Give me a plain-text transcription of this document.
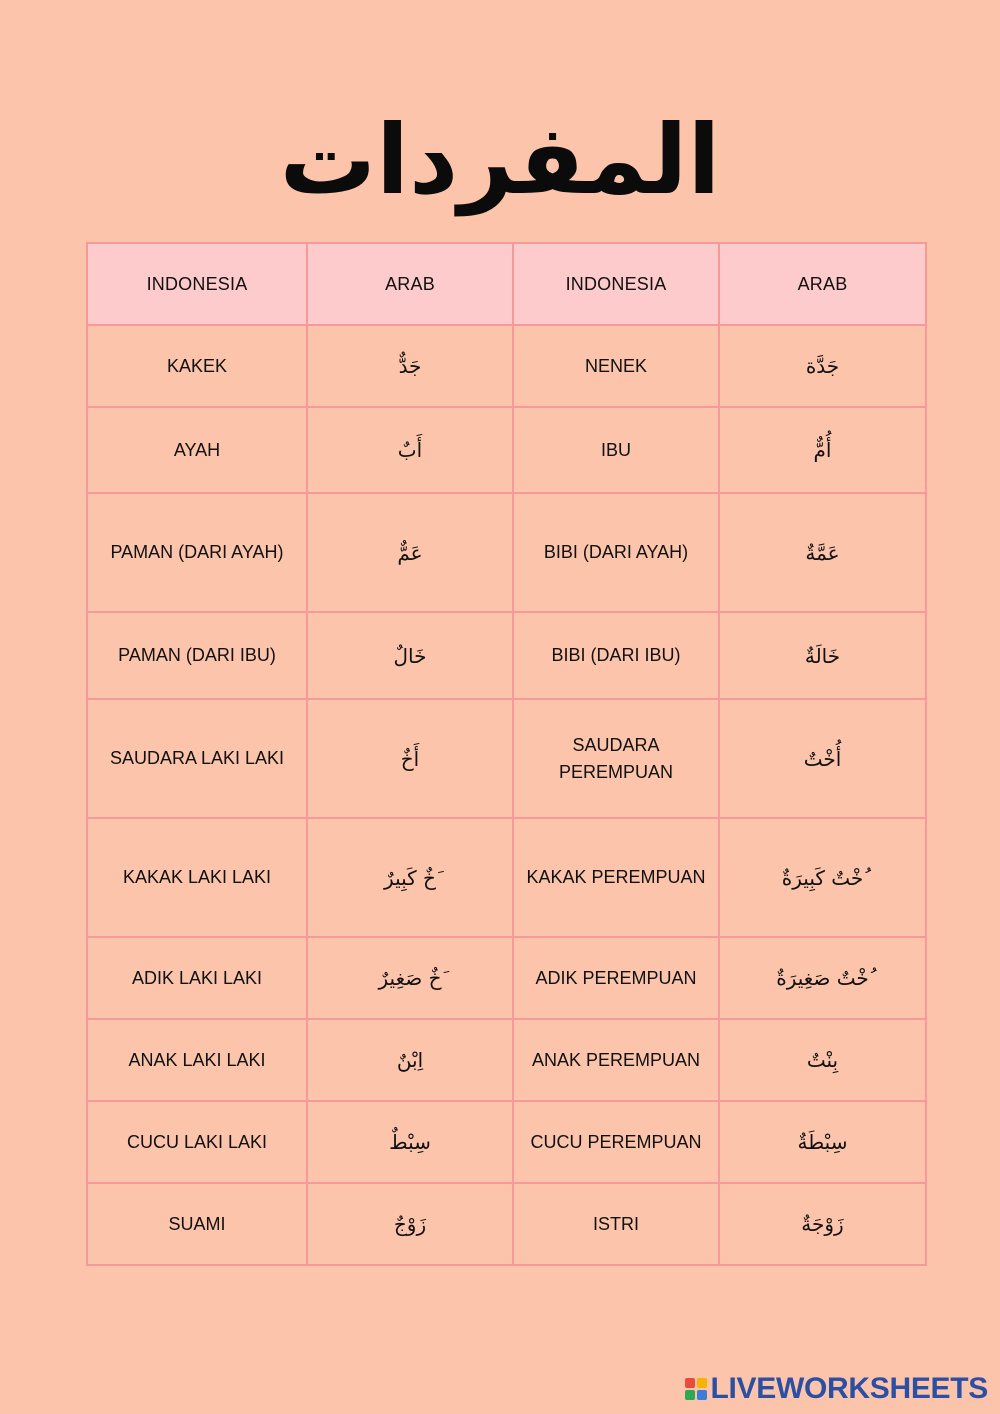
المفردات
INDONESIA	ARAB	INDONESIA	ARAB
KAKEK	جَدٌّ	NENEK	جَدَّة
AYAH	أَبٌ	IBU	أُمٌّ
PAMAN (DARI AYAH)	عَمٌّ	BIBI (DARI AYAH)	عَمَّةٌ
PAMAN (DARI IBU)	خَالٌ	BIBI (DARI IBU)	خَالَةٌ
SAUDARA LAKI LAKI	أَخٌ	SAUDARA PEREMPUAN	أُخْتٌ
KAKAK LAKI LAKI	َخٌ كَبِيرٌ	KAKAK PEREMPUAN	ُخْتٌ كَبِيرَةٌ
ADIK LAKI LAKI	َخٌ صَغِيرٌ	ADIK PEREMPUAN	ُخْتٌ صَغِيرَةٌ
ANAK LAKI LAKI	اِبْنٌ	ANAK PEREMPUAN	بِنْتٌ
CUCU LAKI LAKI	سِبْطٌ	CUCU PEREMPUAN	سِبْطَةٌ
SUAMI	زَوْجٌ	ISTRI	زَوْجَةٌ
LIVEWORKSHEETS
